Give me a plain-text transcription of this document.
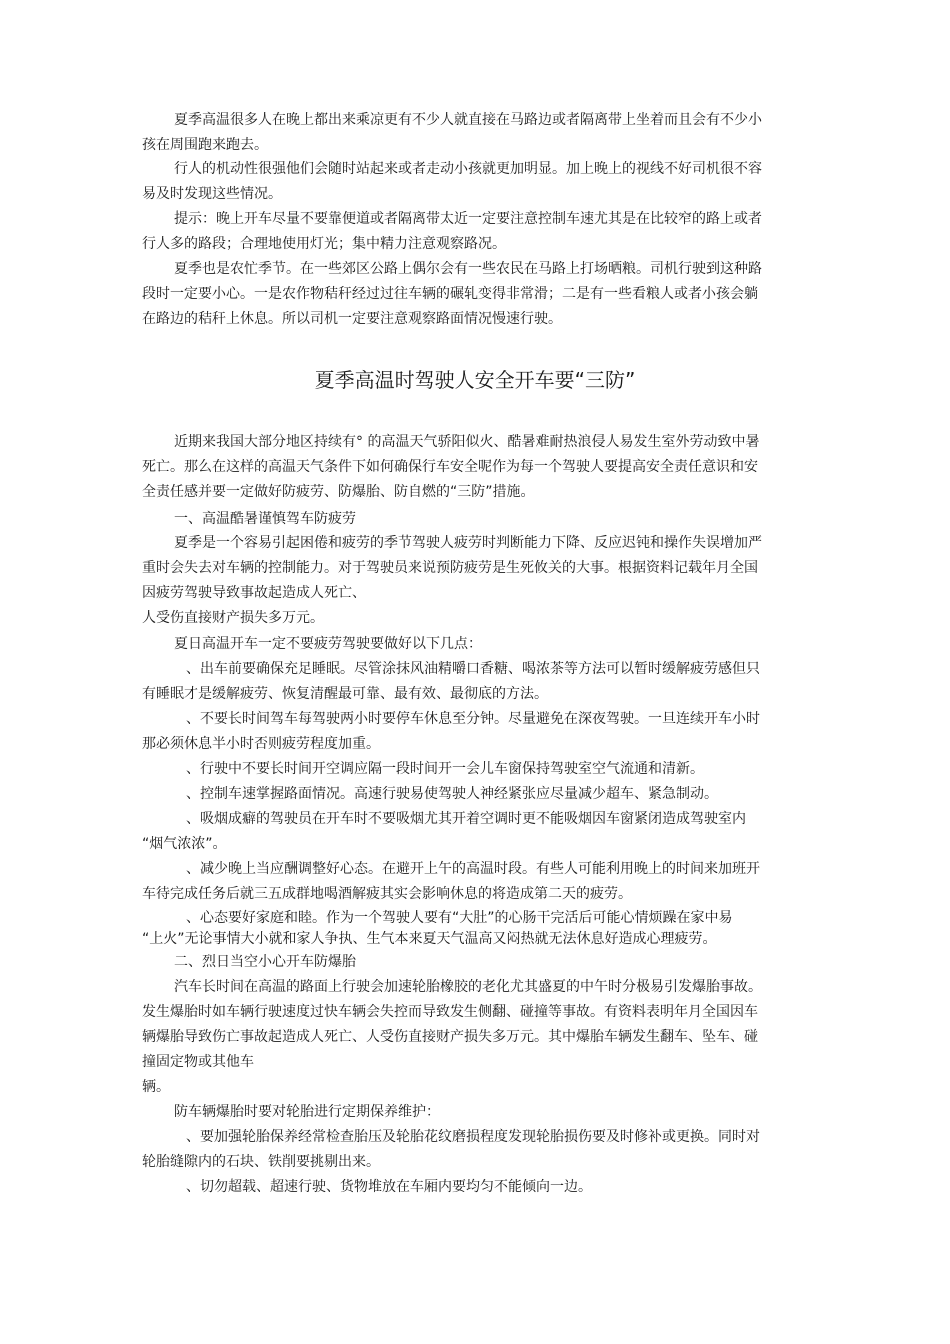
夏季高温很多人在晚上都出来乘凉更有不少人就直接在马路边或者隔离带上坐着而且会有不少小
孩在周围跑来跑去。
行人的机动性很强他们会随时站起来或者走动小孩就更加明显。加上晚上的视线不好司机很不容
易及时发现这些情况。
提示：晚上开车尽量不要靠便道或者隔离带太近一定要注意控制车速尤其是在比较窄的路上或者
行人多的路段；合理地使用灯光；集中精力注意观察路况。
夏季也是农忙季节。在一些郊区公路上偶尔会有一些农民在马路上打场晒粮。司机行驶到这种路
段时一定要小心。一是农作物秸秆经过过往车辆的碾轧变得非常滑；二是有一些看粮人或者小孩会躺
在路边的秸秆上休息。所以司机一定要注意观察路面情况慢速行驶。
夏季高温时驾驶人安全开车要“三防”
近期来我国大部分地区持续有° 的高温天气骄阳似火、酷暑难耐热浪侵人易发生室外劳动致中暑
死亡。那么在这样的高温天气条件下如何确保行车安全呢作为每一个驾驶人要提高安全责任意识和安
全责任感并要一定做好防疲劳、防爆胎、防自燃的“三防”措施。
一、高温酷暑谨慎驾车防疲劳
夏季是一个容易引起困倦和疲劳的季节驾驶人疲劳时判断能力下降、反应迟钝和操作失误增加严
重时会失去对车辆的控制能力。对于驾驶员来说预防疲劳是生死攸关的大事。根据资料记载年月全国
因疲劳驾驶导致事故起造成人死亡、
人受伤直接财产损失多万元。
夏日高温开车一定不要疲劳驾驶要做好以下几点：
、出车前要确保充足睡眠。尽管涂抹风油精嚼口香糖、喝浓茶等方法可以暂时缓解疲劳感但只
有睡眠才是缓解疲劳、恢复清醒最可靠、最有效、最彻底的方法。
、不要长时间驾车每驾驶两小时要停车休息至分钟。尽量避免在深夜驾驶。一旦连续开车小时
那必须休息半小时否则疲劳程度加重。
、行驶中不要长时间开空调应隔一段时间开一会儿车窗保持驾驶室空气流通和清新。
、控制车速掌握路面情况。高速行驶易使驾驶人神经紧张应尽量减少超车、紧急制动。
、吸烟成癖的驾驶员在开车时不要吸烟尤其开着空调时更不能吸烟因车窗紧闭造成驾驶室内
“烟气浓浓”。
、减少晚上当应酬调整好心态。在避开上午的高温时段。有些人可能利用晚上的时间来加班开
车待完成任务后就三五成群地喝酒解疲其实会影响休息的将造成第二天的疲劳。
、心态要好家庭和睦。作为一个驾驶人要有“大肚”的心肠干完活后可能心情烦躁在家中易
“上火”无论事情大小就和家人争执、生气本来夏天气温高又闷热就无法休息好造成心理疲劳。
二、烈日当空小心开车防爆胎
汽车长时间在高温的路面上行驶会加速轮胎橡胶的老化尤其盛夏的中午时分极易引发爆胎事故。
发生爆胎时如车辆行驶速度过快车辆会失控而导致发生侧翻、碰撞等事故。有资料表明年月全国因车
辆爆胎导致伤亡事故起造成人死亡、人受伤直接财产损失多万元。其中爆胎车辆发生翻车、坠车、碰
撞固定物或其他车
辆。
防车辆爆胎时要对轮胎进行定期保养维护：
、要加强轮胎保养经常检查胎压及轮胎花纹磨损程度发现轮胎损伤要及时修补或更换。同时对
轮胎缝隙内的石块、铁削要挑剔出来。
、切勿超载、超速行驶、货物堆放在车厢内要均匀不能倾向一边。
